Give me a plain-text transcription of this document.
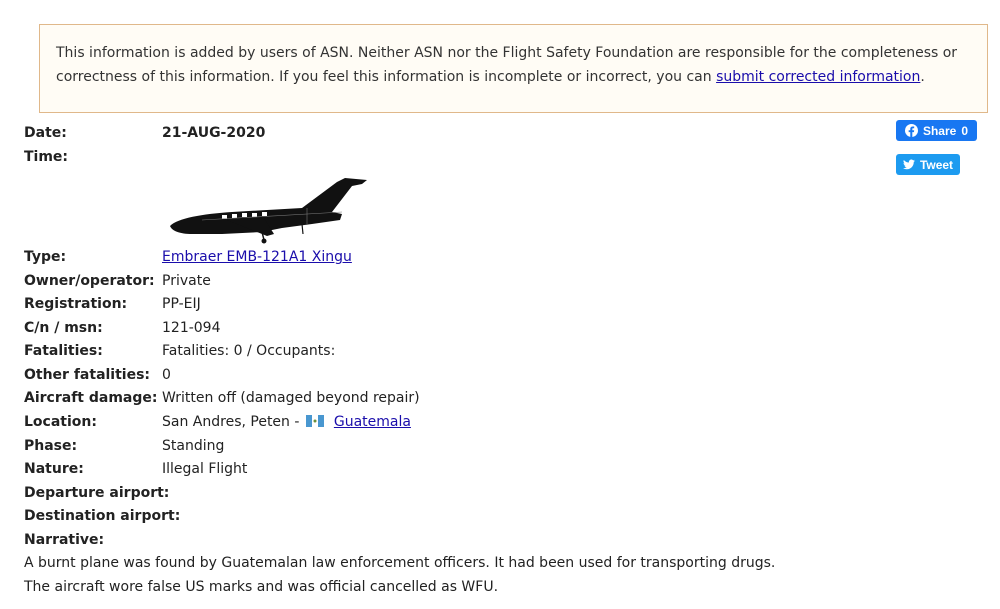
This information is added by users of ASN. Neither ASN nor the Flight Safety Foundation are responsible for the completeness or correctness of this information. If you feel this information is incomplete or incorrect, you can submit corrected information.
Share 0
Tweet
Date:	21-AUG-2020
Time:
Type:	Embraer EMB-121A1 Xingu
Owner/operator: Private
Registration: PP-EIJ
C/n / msn:	121-094
Fatalities:	Fatalities: 0 / Occupants:
Other fatalities: 0
Aircraft damage: Written off (damaged beyond repair)
Location:	San Andres, Peten - Guatemala
Phase:	Standing
Nature:	Illegal Flight
Departure airport:
Destination airport:
Narrative:
A burnt plane was found by Guatemalan law enforcement officers. It had been used for transporting drugs.
The aircraft wore false US marks and was official cancelled as WFU.
